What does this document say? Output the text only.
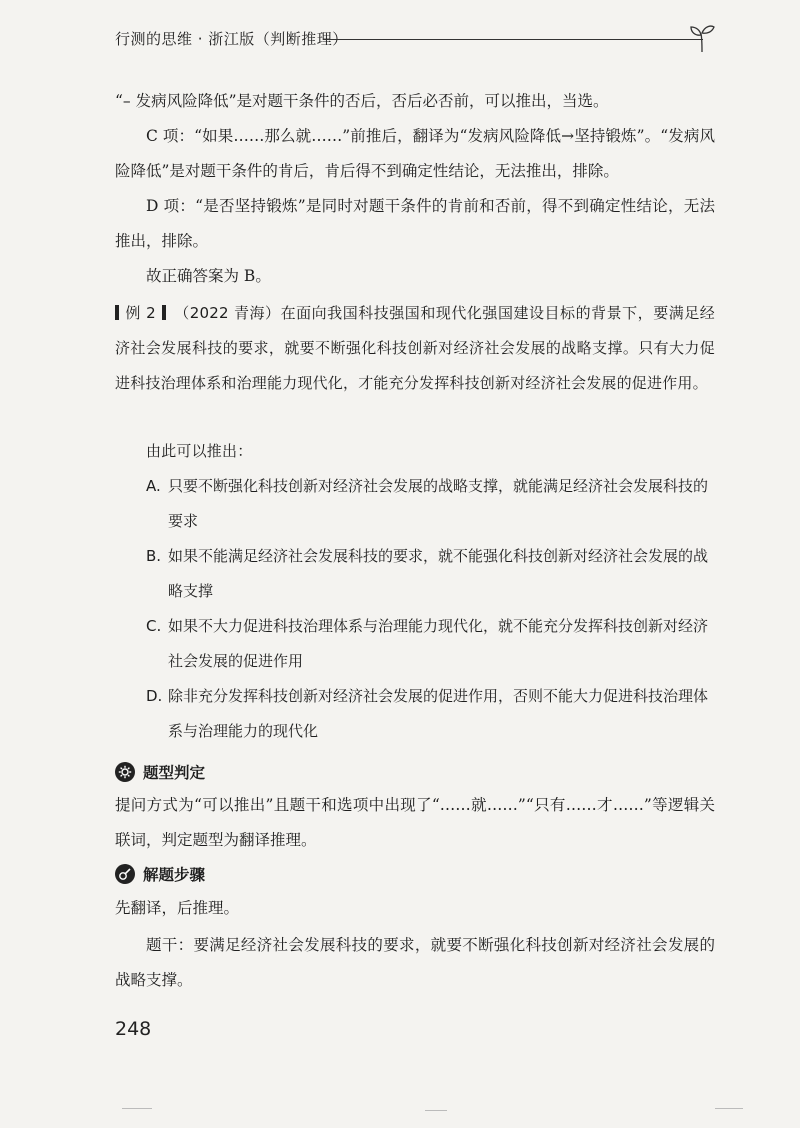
行测的思维 · 浙江版（判断推理）

“– 发病风险降低”是对题干条件的否后，否后必否前，可以推出，当选。

C 项：“如果……那么就……”前推后，翻译为“发病风险降低→坚持锻炼”。“发病风险降低”是对题干条件的肯后，肯后得不到确定性结论，无法推出，排除。

D 项：“是否坚持锻炼”是同时对题干条件的肯前和否前，得不到确定性结论，无法推出，排除。

故正确答案为 B。

例 2 （2022 青海）在面向我国科技强国和现代化强国建设目标的背景下，要满足经济社会发展科技的要求，就要不断强化科技创新对经济社会发展的战略支撑。只有大力促进科技治理体系和治理能力现代化，才能充分发挥科技创新对经济社会发展的促进作用。

由此可以推出：

A. 只要不断强化科技创新对经济社会发展的战略支撑，就能满足经济社会发展科技的要求
B. 如果不能满足经济社会发展科技的要求，就不能强化科技创新对经济社会发展的战略支撑
C. 如果不大力促进科技治理体系与治理能力现代化，就不能充分发挥科技创新对经济社会发展的促进作用
D. 除非充分发挥科技创新对经济社会发展的促进作用，否则不能大力促进科技治理体系与治理能力的现代化
题型判定

提问方式为“可以推出”且题干和选项中出现了“……就……”“只有……才……”等逻辑关联词，判定题型为翻译推理。

解题步骤

先翻译，后推理。

题干：要满足经济社会发展科技的要求，就要不断强化科技创新对经济社会发展的战略支撑。

248
